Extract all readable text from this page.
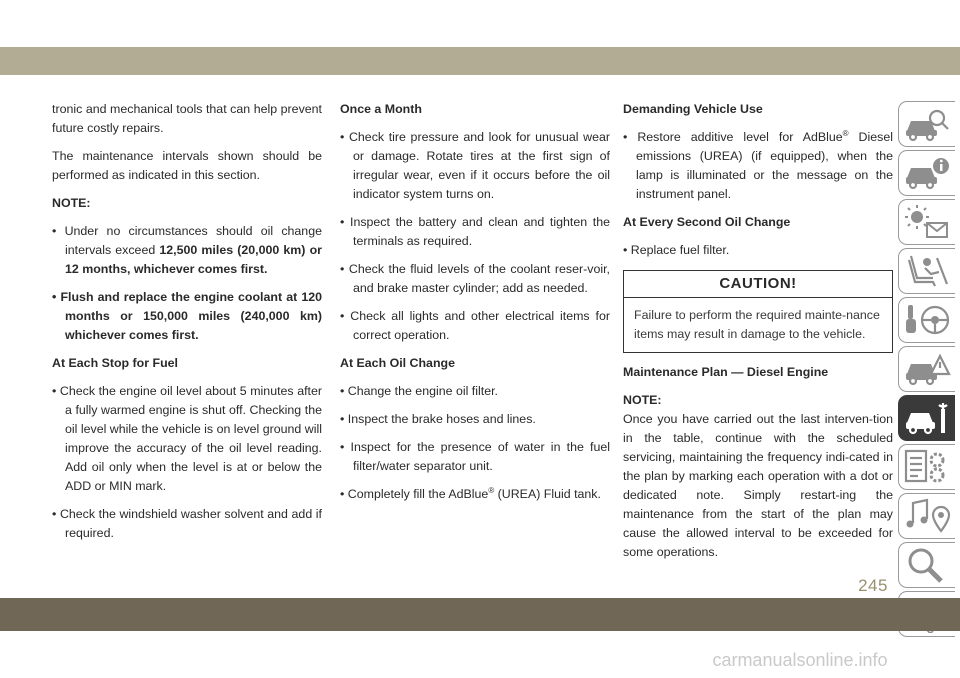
tronic and mechanical tools that can help prevent future costly repairs.

The maintenance intervals shown should be performed as indicated in this section.

NOTE:
• Under no circumstances should oil change intervals exceed 12,500 miles (20,000 km) or 12 months, whichever comes first.
• Flush and replace the engine coolant at 120 months or 150,000 miles (240,000 km) whichever comes first.
At Each Stop for Fuel
• Check the engine oil level about 5 minutes after a fully warmed engine is shut off. Checking the oil level while the vehicle is on level ground will improve the accuracy of the oil level reading. Add oil only when the level is at or below the ADD or MIN mark.
• Check the windshield washer solvent and add if required.
Once a Month
• Check tire pressure and look for unusual wear or damage. Rotate tires at the first sign of irregular wear, even if it occurs before the oil indicator system turns on.
• Inspect the battery and clean and tighten the terminals as required.
• Check the fluid levels of the coolant reser-voir, and brake master cylinder; add as needed.
• Check all lights and other electrical items for correct operation.
At Each Oil Change
• Change the engine oil filter.
• Inspect the brake hoses and lines.
• Inspect for the presence of water in the fuel filter/water separator unit.
• Completely fill the AdBlue® (UREA) Fluid tank.
Demanding Vehicle Use
• Restore additive level for AdBlue® Diesel emissions (UREA) (if equipped), when the lamp is illuminated or the message on the instrument panel.
At Every Second Oil Change
• Replace fuel filter.
CAUTION!
Failure to perform the required mainte-nance items may result in damage to the vehicle.
Maintenance Plan — Diesel Engine
NOTE:

Once you have carried out the last interven-tion in the table, continue with the scheduled servicing, maintaining the frequency indi-cated in the plan by marking each operation with a dot or dedicated note. Simply restart-ing the maintenance from the start of the plan may cause the allowed interval to be exceeded for some operations.

245
carmanualsonline.info
